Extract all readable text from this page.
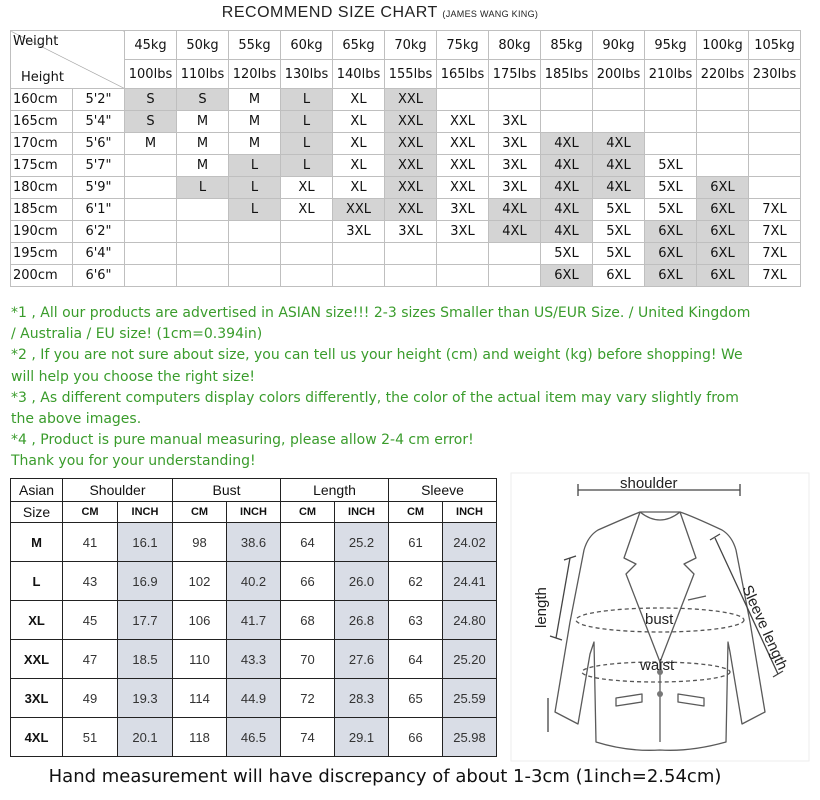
RECOMMEND SIZE CHART (JAMES WANG KING)
Weight
Height		45kg	50kg	55kg	60kg	65kg	70kg	75kg	80kg	85kg	90kg	95kg	100kg	105kg
		100lbs	110lbs	120lbs	130lbs	140lbs	155lbs	165lbs	175lbs	185lbs	200lbs	210lbs	220lbs	230lbs
160cm	5'2"	S	S	M	L	XL	XXL							
165cm	5'4"	S	M	M	L	XL	XXL	XXL	3XL					
170cm	5'6"	M	M	M	L	XL	XXL	XXL	3XL	4XL	4XL			
175cm	5'7"		M	L	L	XL	XXL	XXL	3XL	4XL	4XL	5XL		
180cm	5'9"		L	L	XL	XL	XXL	XXL	3XL	4XL	4XL	5XL	6XL	
185cm	6'1"			L	XL	XXL	XXL	3XL	4XL	4XL	5XL	5XL	6XL	7XL
190cm	6'2"					3XL	3XL	3XL	4XL	4XL	5XL	6XL	6XL	7XL
195cm	6'4"									5XL	5XL	6XL	6XL	7XL
200cm	6'6"									6XL	6XL	6XL	6XL	7XL
*1 , All our products are advertised in ASIAN size!!! 2-3 sizes Smaller than US/EUR Size. / United Kingdom
/ Australia / EU size! (1cm=0.394in)
*2 , If you are not sure about size, you can tell us your height (cm) and weight (kg) before shopping! We
will help you choose the right size!
*3 , As different computers display colors differently, the color of the actual item may vary slightly from
the above images.
*4 , Product is pure manual measuring, please allow 2-4 cm error!
Thank you for your understanding!
Asian	Shoulder		Bust		Length		Sleeve	
Size	CM	INCH	CM	INCH	CM	INCH	CM	INCH
M	41	16.1	98	38.6	64	25.2	61	24.02
L	43	16.9	102	40.2	66	26.0	62	24.41
XL	45	17.7	106	41.7	68	26.8	63	24.80
XXL	47	18.5	110	43.3	70	27.6	64	25.20
3XL	49	19.3	114	44.9	72	28.3	65	25.59
4XL	51	20.1	118	46.5	74	29.1	66	25.98
shoulder
length	bust
waist	Sleeve length
Hand measurement will have discrepancy of about 1-3cm (1inch=2.54cm)
